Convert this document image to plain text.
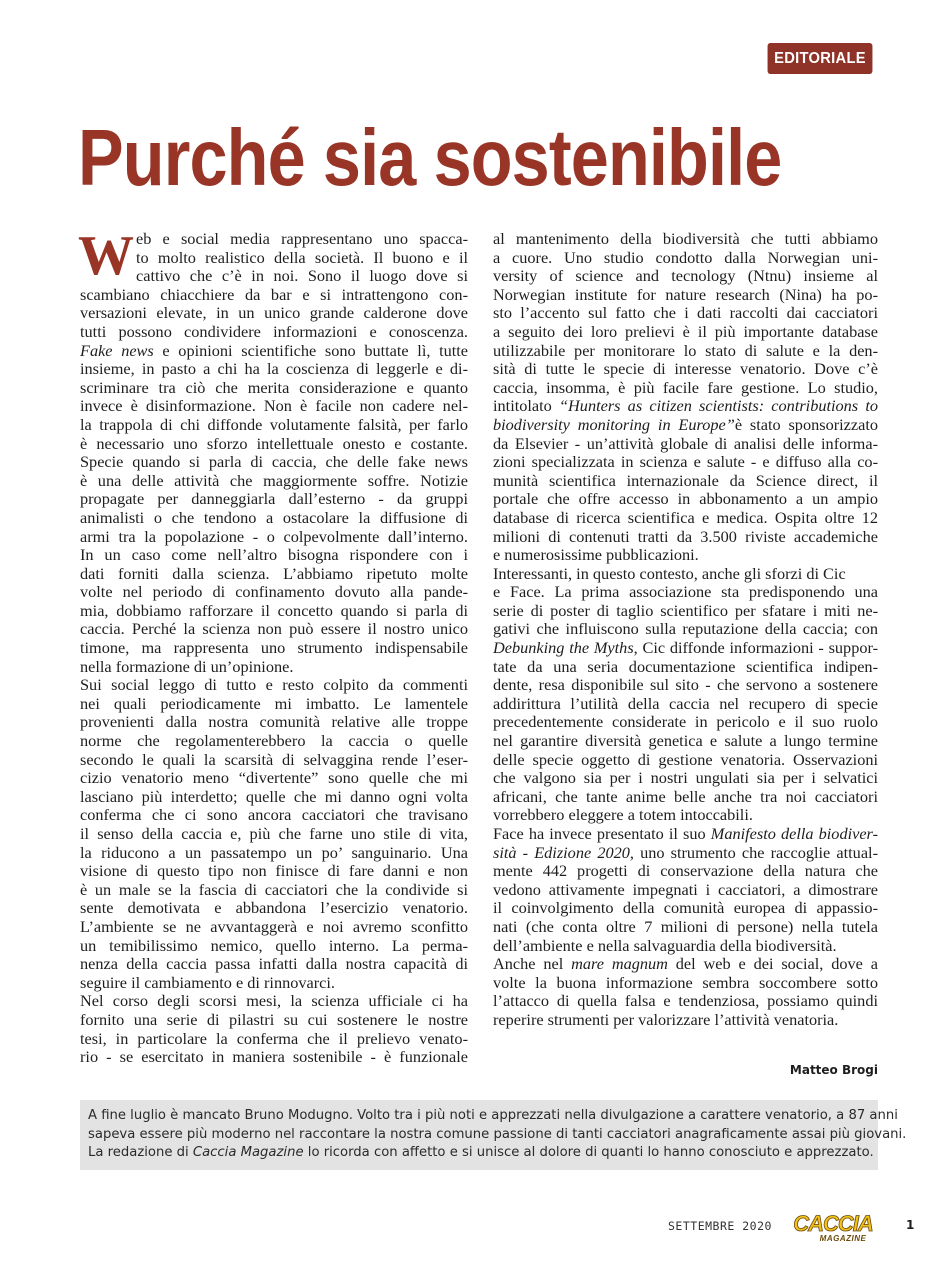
EDITORIALE
Purché sia sostenibile
W eb e social media rappresentano uno spacca-
to molto realistico della società. Il buono e il
cattivo che c’è in noi. Sono il luogo dove si
scambiano chiacchiere da bar e si intrattengono con-
versazioni elevate, in un unico grande calderone dove
tutti possono condividere informazioni e conoscenza.
Fake news e opinioni scientifiche sono buttate lì, tutte
insieme, in pasto a chi ha la coscienza di leggerle e di-
scriminare tra ciò che merita considerazione e quanto
invece è disinformazione. Non è facile non cadere nel-
la trappola di chi diffonde volutamente falsità, per farlo
è necessario uno sforzo intellettuale onesto e costante.
Specie quando si parla di caccia, che delle fake news
è una delle attività che maggiormente soffre. Notizie
propagate per danneggiarla dall’esterno - da gruppi
animalisti o che tendono a ostacolare la diffusione di
armi tra la popolazione - o colpevolmente dall’interno.
In un caso come nell’altro bisogna rispondere con i
dati forniti dalla scienza. L’abbiamo ripetuto molte
volte nel periodo di confinamento dovuto alla pande-
mia, dobbiamo rafforzare il concetto quando si parla di
caccia. Perché la scienza non può essere il nostro unico
timone, ma rappresenta uno strumento indispensabile
nella formazione di un’opinione.
Sui social leggo di tutto e resto colpito da commenti
nei quali periodicamente mi imbatto. Le lamentele
provenienti dalla nostra comunità relative alle troppe
norme che regolamenterebbero la caccia o quelle
secondo le quali la scarsità di selvaggina rende l’eser-
cizio venatorio meno “divertente” sono quelle che mi
lasciano più interdetto; quelle che mi danno ogni volta
conferma che ci sono ancora cacciatori che travisano
il senso della caccia e, più che farne uno stile di vita,
la riducono a un passatempo un po’ sanguinario. Una
visione di questo tipo non finisce di fare danni e non
è un male se la fascia di cacciatori che la condivide si
sente demotivata e abbandona l’esercizio venatorio.
L’ambiente se ne avvantaggerà e noi avremo sconfitto
un temibilissimo nemico, quello interno. La perma-
nenza della caccia passa infatti dalla nostra capacità di
seguire il cambiamento e di rinnovarci.
Nel corso degli scorsi mesi, la scienza ufficiale ci ha
fornito una serie di pilastri su cui sostenere le nostre
tesi, in particolare la conferma che il prelievo venato-
rio - se esercitato in maniera sostenibile - è funzionale
al mantenimento della biodiversità che tutti abbiamo
a cuore. Uno studio condotto dalla Norwegian uni-
versity of science and tecnology (Ntnu) insieme al
Norwegian institute for nature research (Nina) ha po-
sto l’accento sul fatto che i dati raccolti dai cacciatori
a seguito dei loro prelievi è il più importante database
utilizzabile per monitorare lo stato di salute e la den-
sità di tutte le specie di interesse venatorio. Dove c’è
caccia, insomma, è più facile fare gestione. Lo studio,
intitolato “Hunters as citizen scientists: contributions to
biodiversity monitoring in Europe”è stato sponsorizzato
da Elsevier - un’attività globale di analisi delle informa-
zioni specializzata in scienza e salute - e diffuso alla co-
munità scientifica internazionale da Science direct, il
portale che offre accesso in abbonamento a un ampio
database di ricerca scientifica e medica. Ospita oltre 12
milioni di contenuti tratti da 3.500 riviste accademiche
e numerosissime pubblicazioni.
Interessanti, in questo contesto, anche gli sforzi di Cic
e Face. La prima associazione sta predisponendo una
serie di poster di taglio scientifico per sfatare i miti ne-
gativi che influiscono sulla reputazione della caccia; con
Debunking the Myths, Cic diffonde informazioni - suppor-
tate da una seria documentazione scientifica indipen-
dente, resa disponibile sul sito - che servono a sostenere
addirittura l’utilità della caccia nel recupero di specie
precedentemente considerate in pericolo e il suo ruolo
nel garantire diversità genetica e salute a lungo termine
delle specie oggetto di gestione venatoria. Osservazioni
che valgono sia per i nostri ungulati sia per i selvatici
africani, che tante anime belle anche tra noi cacciatori
vorrebbero eleggere a totem intoccabili.
Face ha invece presentato il suo Manifesto della biodiver-
sità - Edizione 2020, uno strumento che raccoglie attual-
mente 442 progetti di conservazione della natura che
vedono attivamente impegnati i cacciatori, a dimostrare
il coinvolgimento della comunità europea di appassio-
nati (che conta oltre 7 milioni di persone) nella tutela
dell’ambiente e nella salvaguardia della biodiversità.
Anche nel mare magnum del web e dei social, dove a
volte la buona informazione sembra soccombere sotto
l’attacco di quella falsa e tendenziosa, possiamo quindi
reperire strumenti per valorizzare l’attività venatoria.
Matteo Brogi
A fine luglio è mancato Bruno Modugno. Volto tra i più noti e apprezzati nella divulgazione a carattere venatorio, a 87 anni
sapeva essere più moderno nel raccontare la nostra comune passione di tanti cacciatori anagraficamente assai più giovani.
La redazione di Caccia Magazine lo ricorda con affetto e si unisce al dolore di quanti lo hanno conosciuto e apprezzato.
SETTEMBRE 2020 CACCIA
MAGAZINE
1
